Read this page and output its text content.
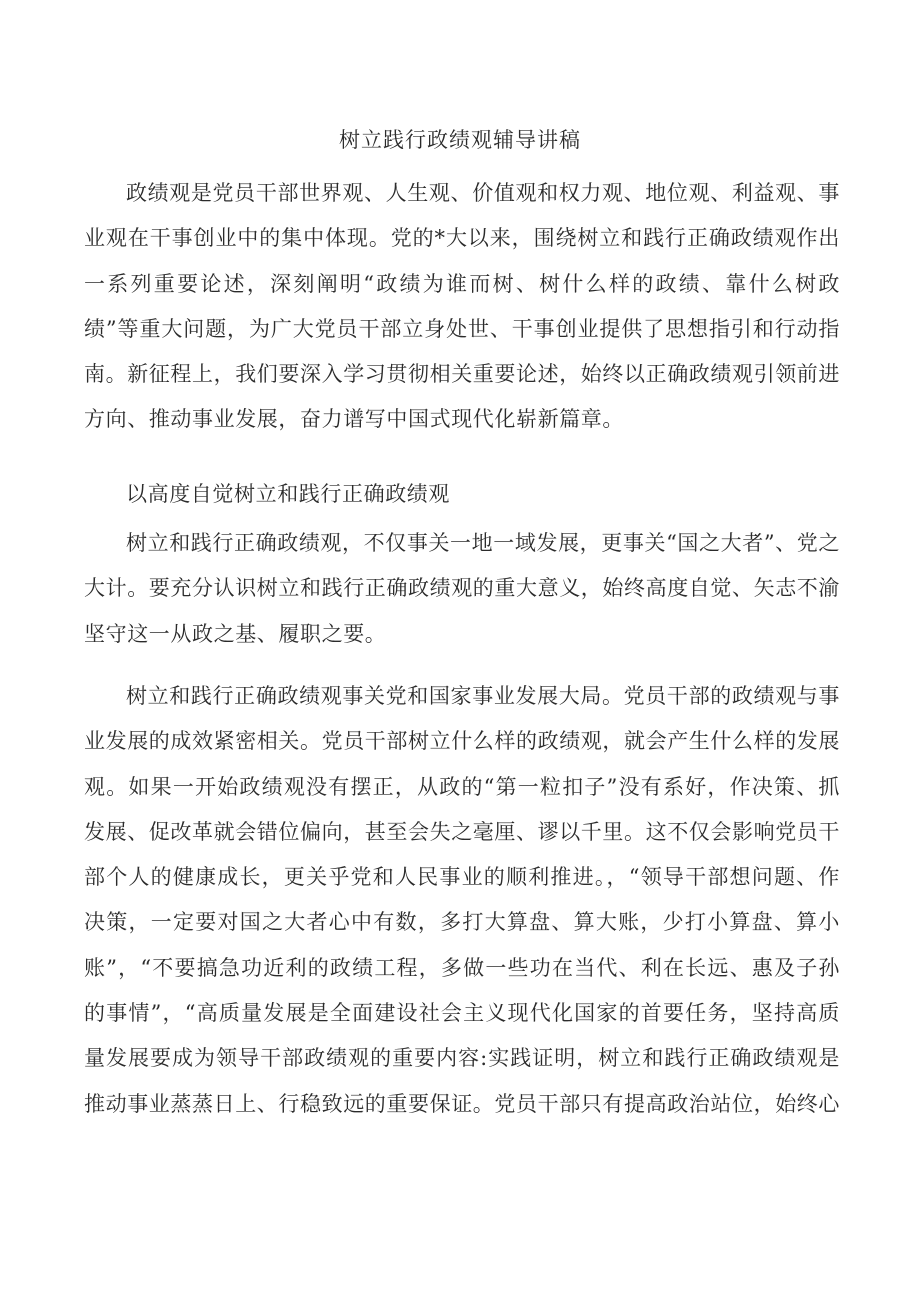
树立践行政绩观辅导讲稿

政绩观是党员干部世界观、人生观、价值观和权力观、地位观、利益观、事业观在干事创业中的集中体现。党的*大以来，围绕树立和践行正确政绩观作出一系列重要论述，深刻阐明“政绩为谁而树、树什么样的政绩、靠什么树政绩”等重大问题，为广大党员干部立身处世、干事创业提供了思想指引和行动指南。新征程上，我们要深入学习贯彻相关重要论述，始终以正确政绩观引领前进方向、推动事业发展，奋力谱写中国式现代化崭新篇章。

以高度自觉树立和践行正确政绩观

树立和践行正确政绩观，不仅事关一地一域发展，更事关“国之大者”、党之大计。要充分认识树立和践行正确政绩观的重大意义，始终高度自觉、矢志不渝坚守这一从政之基、履职之要。

树立和践行正确政绩观事关党和国家事业发展大局。党员干部的政绩观与事业发展的成效紧密相关。党员干部树立什么样的政绩观，就会产生什么样的发展观。如果一开始政绩观没有摆正，从政的“第一粒扣子”没有系好，作决策、抓发展、促改革就会错位偏向，甚至会失之毫厘、谬以千里。这不仅会影响党员干部个人的健康成长，更关乎党和人民事业的顺利推进。，“领导干部想问题、作决策，一定要对国之大者心中有数，多打大算盘、算大账，少打小算盘、算小账”，“不要搞急功近利的政绩工程，多做一些功在当代、利在长远、惠及子孙的事情”，“高质量发展是全面建设社会主义现代化国家的首要任务，坚持高质量发展要成为领导干部政绩观的重要内容:实践证明，树立和践行正确政绩观是推动事业蒸蒸日上、行稳致远的重要保证。党员干部只有提高政治站位，始终心
